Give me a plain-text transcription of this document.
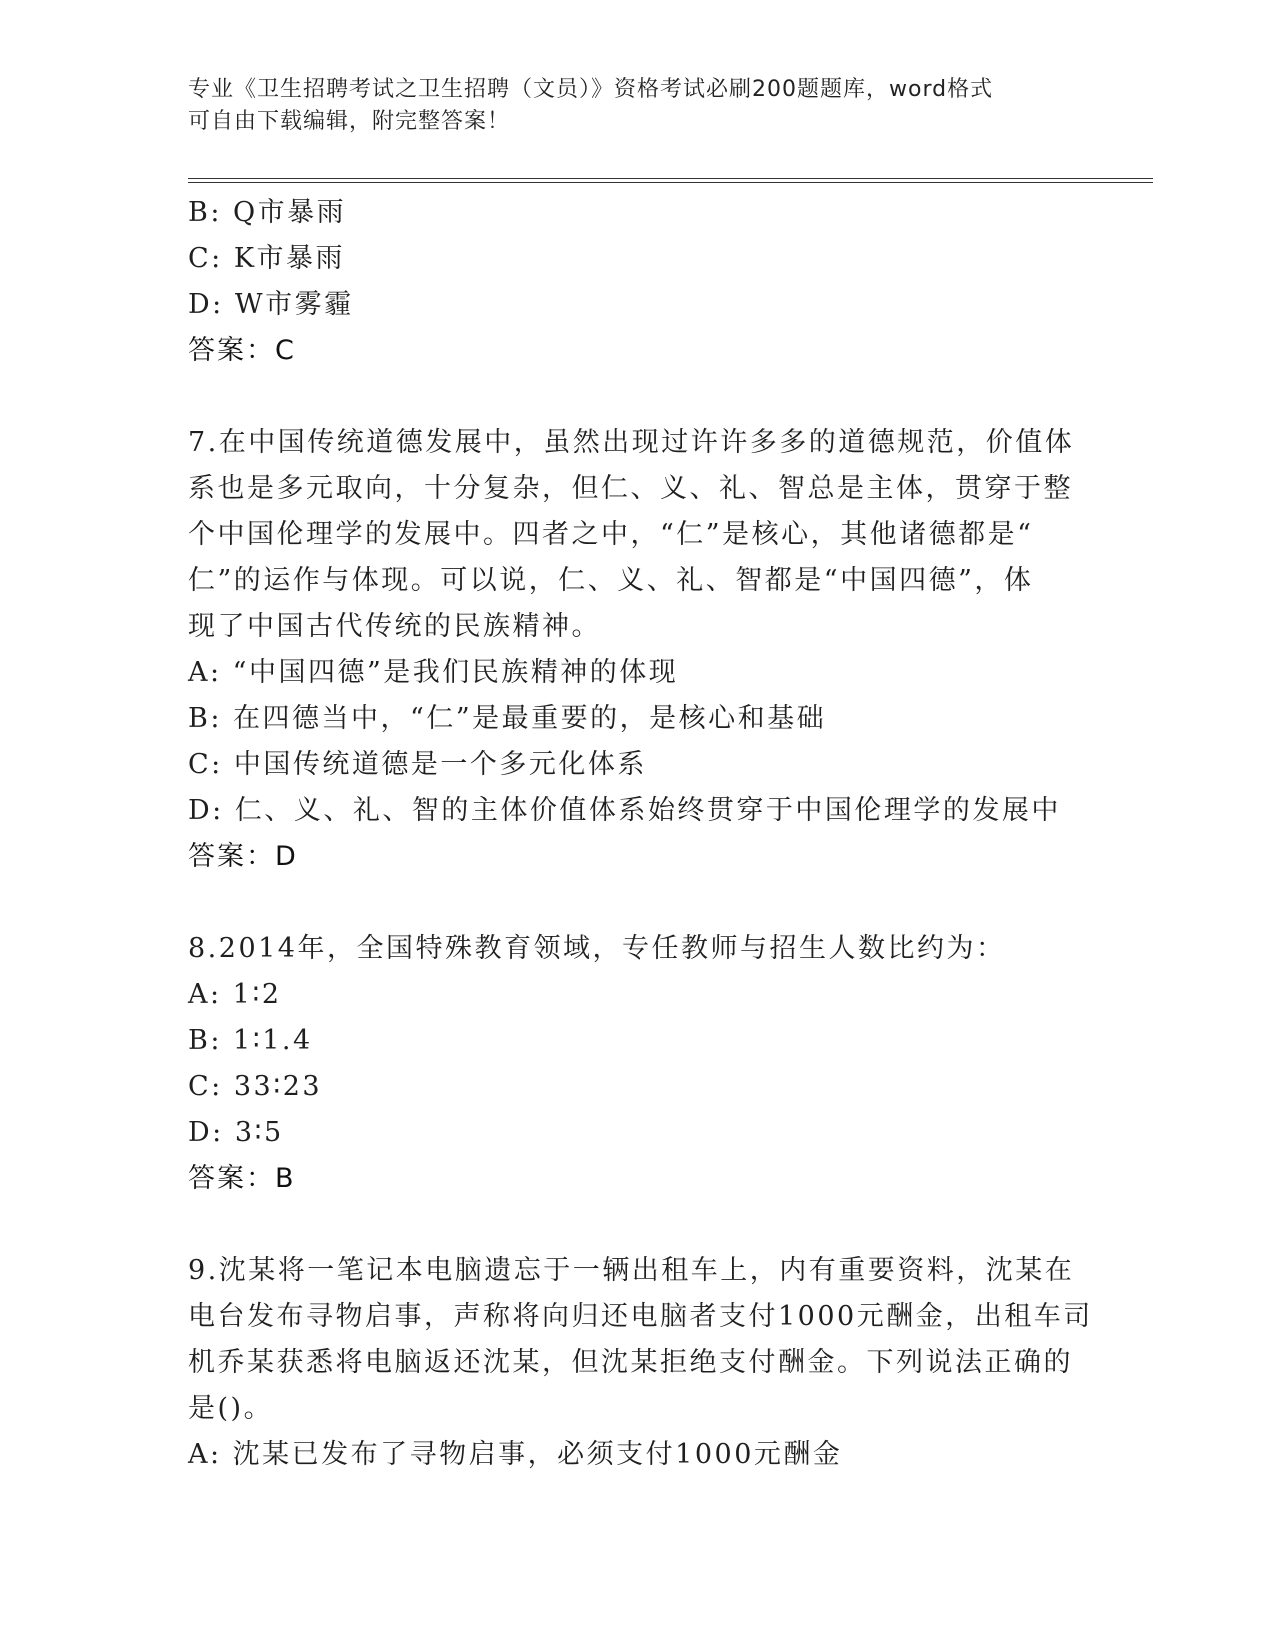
专业《卫生招聘考试之卫生招聘（文员）》资格考试必刷200题题库，word格式
可自由下载编辑，附完整答案！
B: Q市暴雨
C: K市暴雨
D: W市雾霾
答案：C
7.在中国传统道德发展中，虽然出现过许许多多的道德规范，价值体
系也是多元取向，十分复杂，但仁、义、礼、智总是主体，贯穿于整
个中国伦理学的发展中。四者之中，“仁”是核心，其他诸德都是“
仁”的运作与体现。可以说，仁、义、礼、智都是“中国四德”，体
现了中国古代传统的民族精神。
A: “中国四德”是我们民族精神的体现
B: 在四德当中，“仁”是最重要的，是核心和基础
C: 中国传统道德是一个多元化体系
D: 仁、义、礼、智的主体价值体系始终贯穿于中国伦理学的发展中
答案：D
8.2014年，全国特殊教育领域，专任教师与招生人数比约为：
A: 1∶2
B: 1∶1.4
C: 33∶23
D: 3∶5
答案：B
9.沈某将一笔记本电脑遗忘于一辆出租车上，内有重要资料，沈某在
电台发布寻物启事，声称将向归还电脑者支付1000元酬金，出租车司
机乔某获悉将电脑返还沈某，但沈某拒绝支付酬金。下列说法正确的
是()。
A: 沈某已发布了寻物启事，必须支付1000元酬金
